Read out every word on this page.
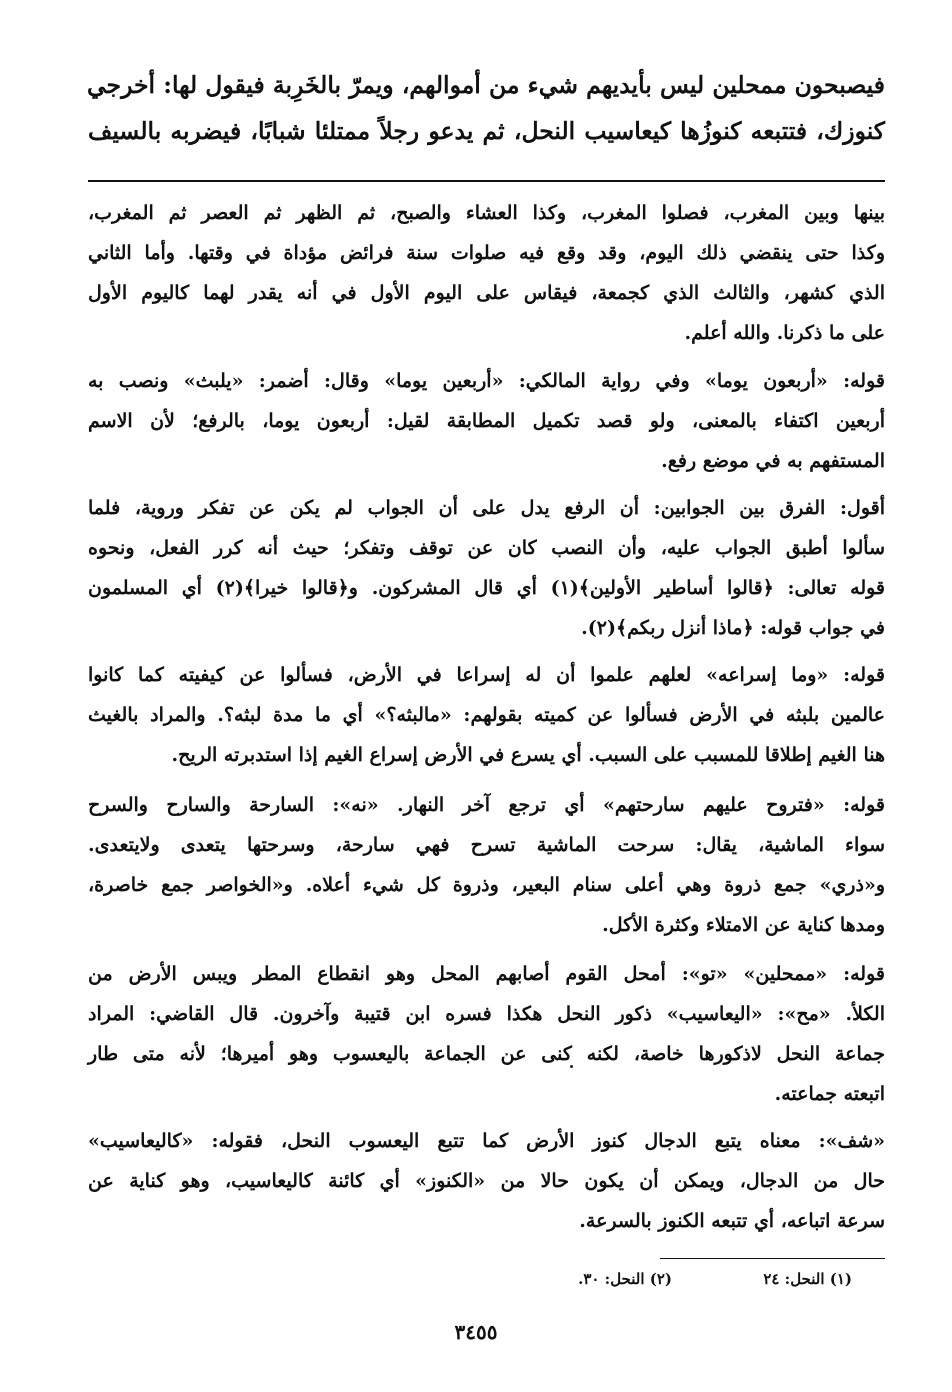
فيصبحون ممحلين ليس بأيديهم شيء من أموالهم، ويمرّ بالخَرِبة فيقول لها: أخرجي
كنوزك، فتتبعه كنوزُها كيعاسيب النحل، ثم يدعو رجلاً ممتلئا شبابًا، فيضربه بالسيف
بينها وبين المغرب، فصلوا المغرب، وكذا العشاء والصبح، ثم الظهر ثم العصر ثم المغرب،
وكذا حتى ينقضي ذلك اليوم، وقد وقع فيه صلوات سنة فرائض مؤداة في وقتها. وأما الثاني
الذي كشهر، والثالث الذي كجمعة، فيقاس على اليوم الأول في أنه يقدر لهما كاليوم الأول
على ما ذكرنا. والله أعلم.
قوله: «أربعون يوما» وفي رواية المالكي: «أربعين يوما» وقال: أضمر: «يلبث» ونصب به
أربعين اكتفاء بالمعنى، ولو قصد تكميل المطابقة لقيل: أربعون يوما، بالرفع؛ لأن الاسم
المستفهم به في موضع رفع.
أقول: الفرق بين الجوابين: أن الرفع يدل على أن الجواب لم يكن عن تفكر وروية، فلما
سألوا أطبق الجواب عليه، وأن النصب كان عن توقف وتفكر؛ حيث أنه كرر الفعل، ونحوه
قوله تعالى: ﴿قالوا أساطير الأولين﴾(١) أي قال المشركون. و﴿قالوا خيرا﴾(٢) أي المسلمون
في جواب قوله: ﴿ماذا أنزل ربكم﴾(٢).
قوله: «وما إسراعه» لعلهم علموا أن له إسراعا في الأرض، فسألوا عن كيفيته كما كانوا
عالمين بلبثه في الأرض فسألوا عن كميته بقولهم: «مالبثه؟» أي ما مدة لبثه؟. والمراد بالغيث
هنا الغيم إطلاقا للمسبب على السبب. أي يسرع في الأرض إسراع الغيم إذا استدبرته الريح.
قوله: «فتروح عليهم سارحتهم» أي ترجع آخر النهار. «نه»: السارحة والسارح والسرح
سواء الماشية، يقال: سرحت الماشية تسرح فهي سارحة، وسرحتها يتعدى ولايتعدى.
و«ذري» جمع ذروة وهي أعلى سنام البعير، وذروة كل شيء أعلاه. و«الخواصر جمع خاصرة،
ومدها كناية عن الامتلاء وكثرة الأكل.
قوله: «ممحلين» «تو»: أمحل القوم أصابهم المحل وهو انقطاع المطر ويبس الأرض من
الكلأ. «مح»: «اليعاسيب» ذكور النحل هكذا فسره ابن قتيبة وآخرون. قال القاضي: المراد
جماعة النحل لاذكورها خاصة، لكنه كنى عن الجماعة باليعسوب وهو أميرها؛ لأنه متى طار
اتبعته جماعته.
«شف»: معناه يتبع الدجال كنوز الأرض كما تتبع اليعسوب النحل، فقوله: «كاليعاسيب»
حال من الدجال، ويمكن أن يكون حالا من «الكنوز» أي كائنة كاليعاسيب، وهو كناية عن
سرعة اتباعه، أي تتبعه الكنوز بالسرعة.
(١) النحل: ٢٤
(٢) النحل: ٣٠.
٣٤٥٥
